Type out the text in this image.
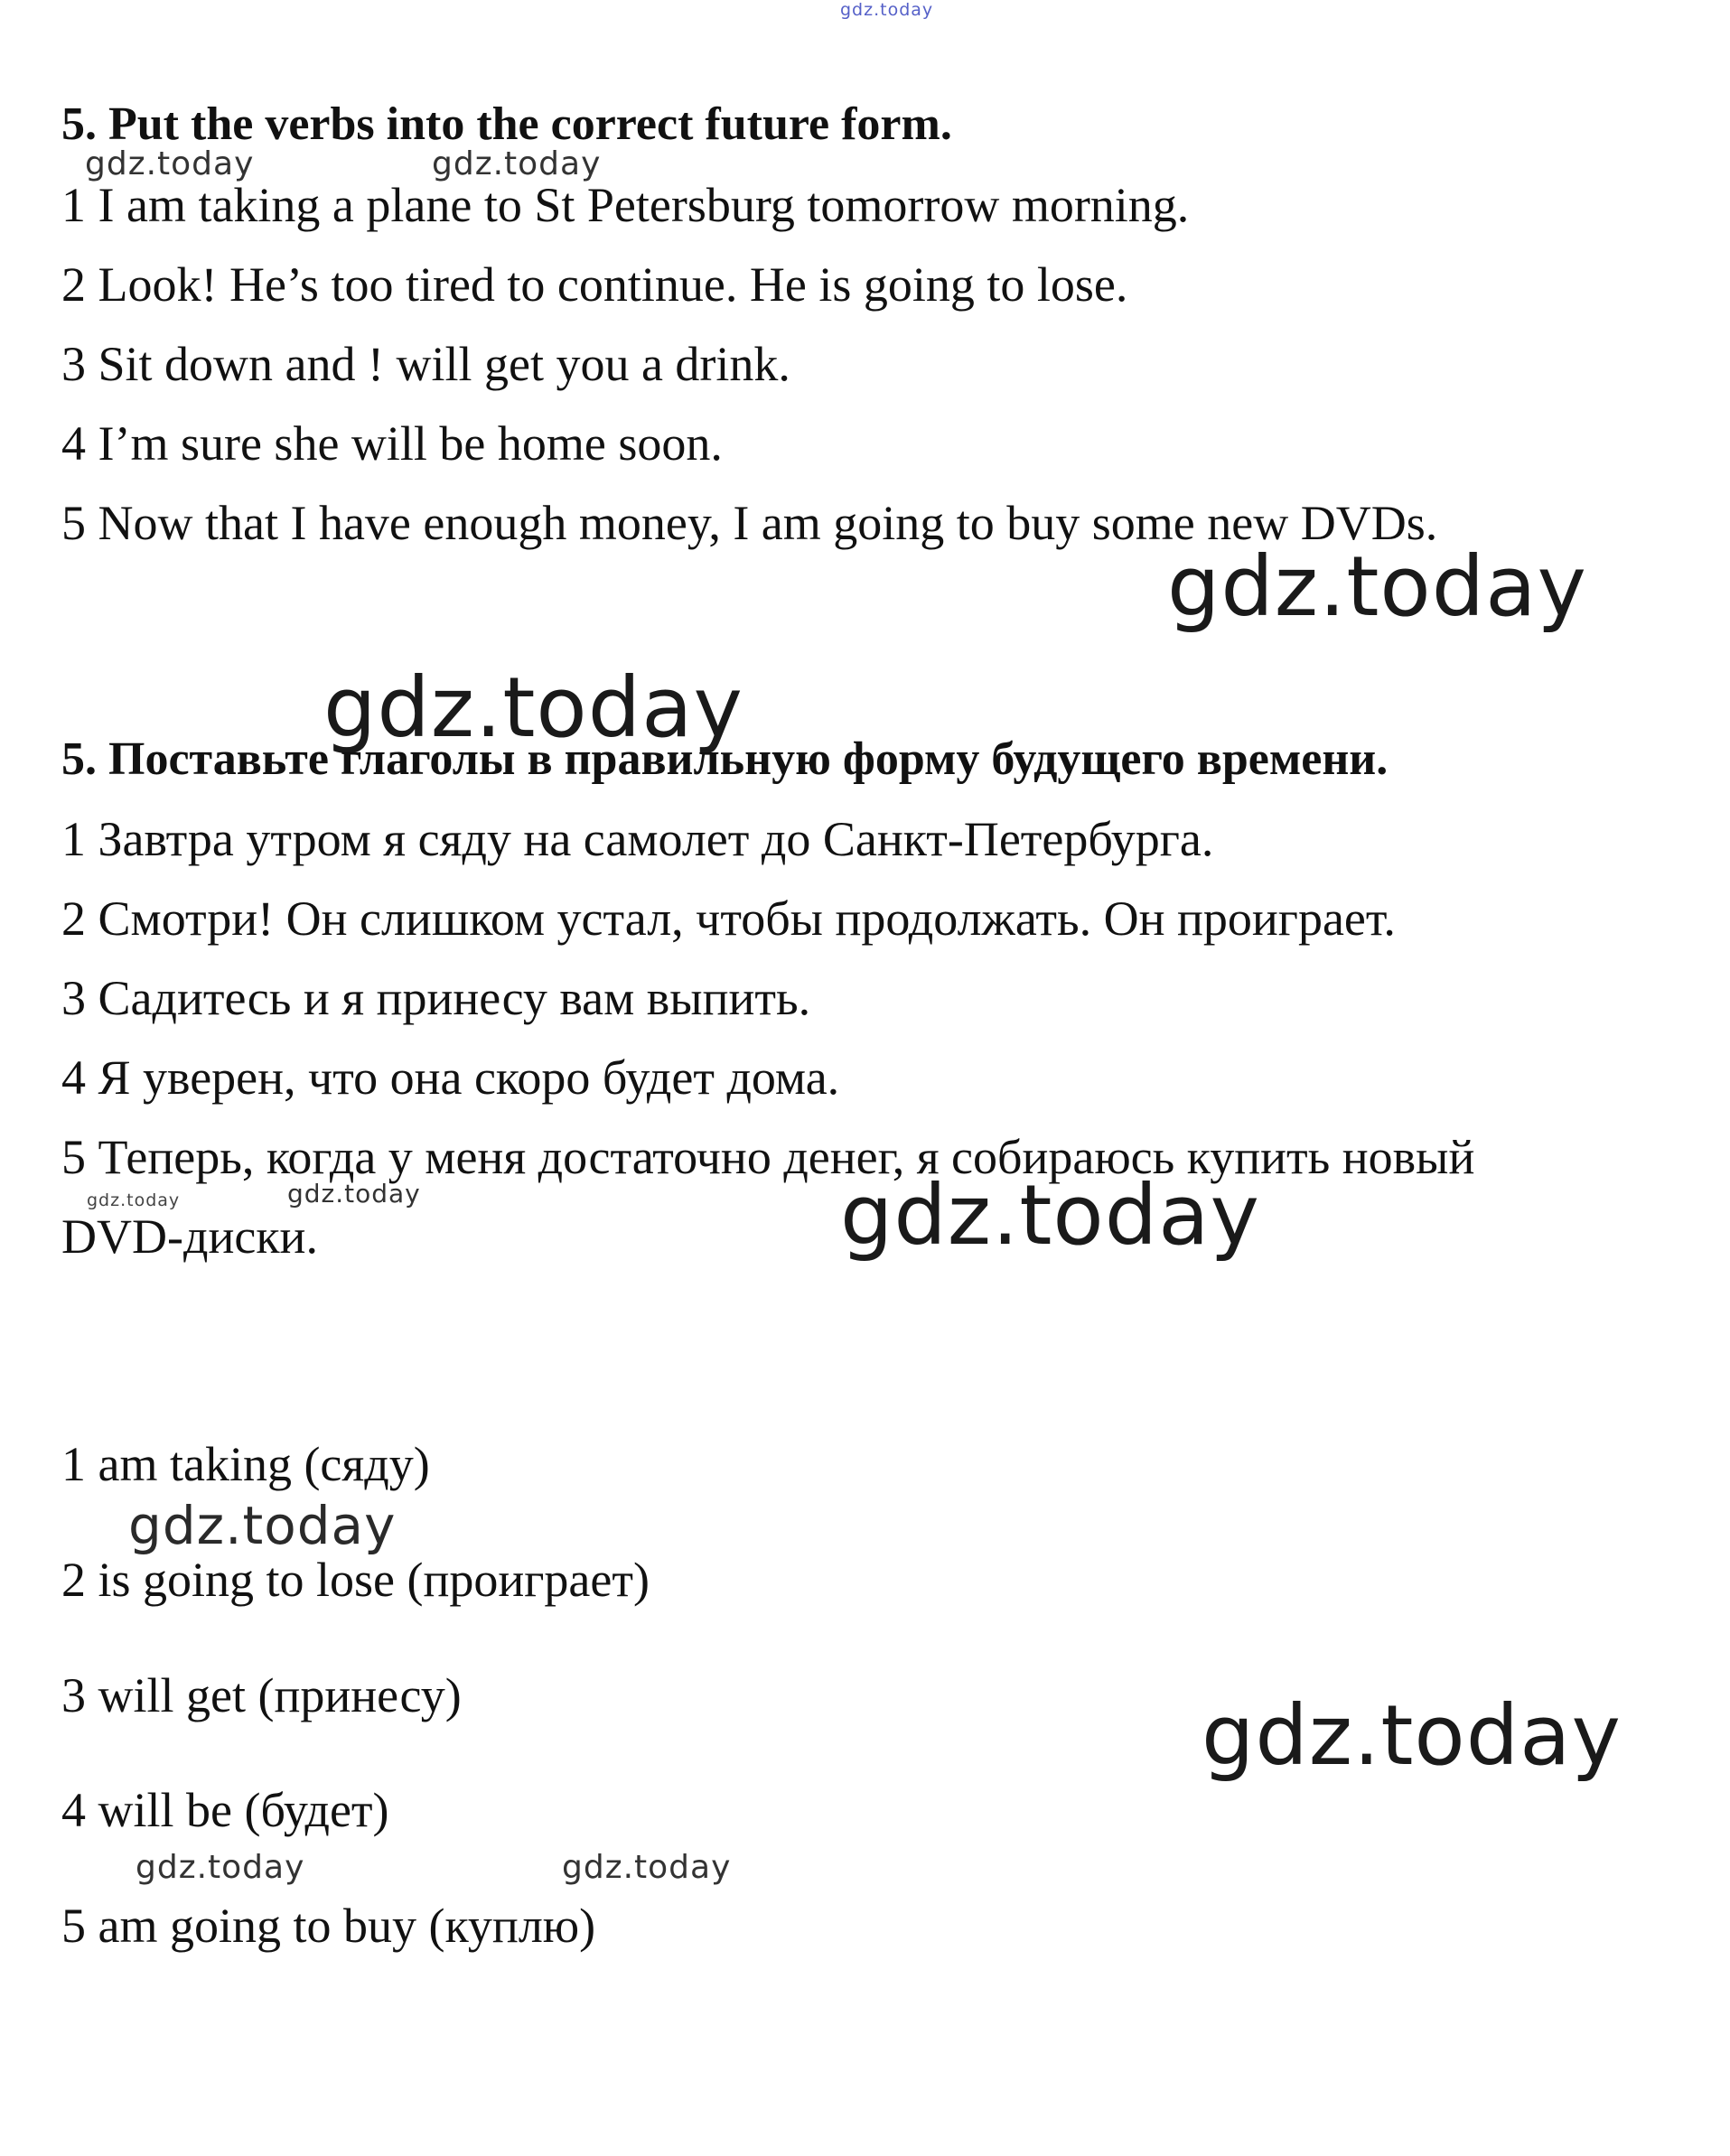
gdz.today
5. Put the verbs into the correct future form.
gdz.today	gdz.today
1 I am taking a plane to St Petersburg tomorrow morning.
2 Look! He’s too tired to continue. He is going to lose.
3 Sit down and ! will get you a drink.
4 I’m sure she will be home soon.
5 Now that I have enough money, I am going to buy some new DVDs.
gdz.today
gdz.today
5. Поставьте глаголы в правильную форму будущего времени.
1 Завтра утром я сяду на самолет до Санкт-Петербурга.
2 Смотри! Он слишком устал, чтобы продолжать. Он проиграет.
3 Садитесь и я принесу вам выпить.
4 Я уверен, что она скоро будет дома.
5 Теперь, когда у меня достаточно денег, я собираюсь купить новый
gdz.today	gdz.today
DVD-диски.	gdz.today
1 am taking (сяду)
gdz.today
2 is going to lose (проиграет)
3 will get (принесу)	gdz.today
4 will be (будет)
gdz.today	gdz.today
5 am going to buy (куплю)
